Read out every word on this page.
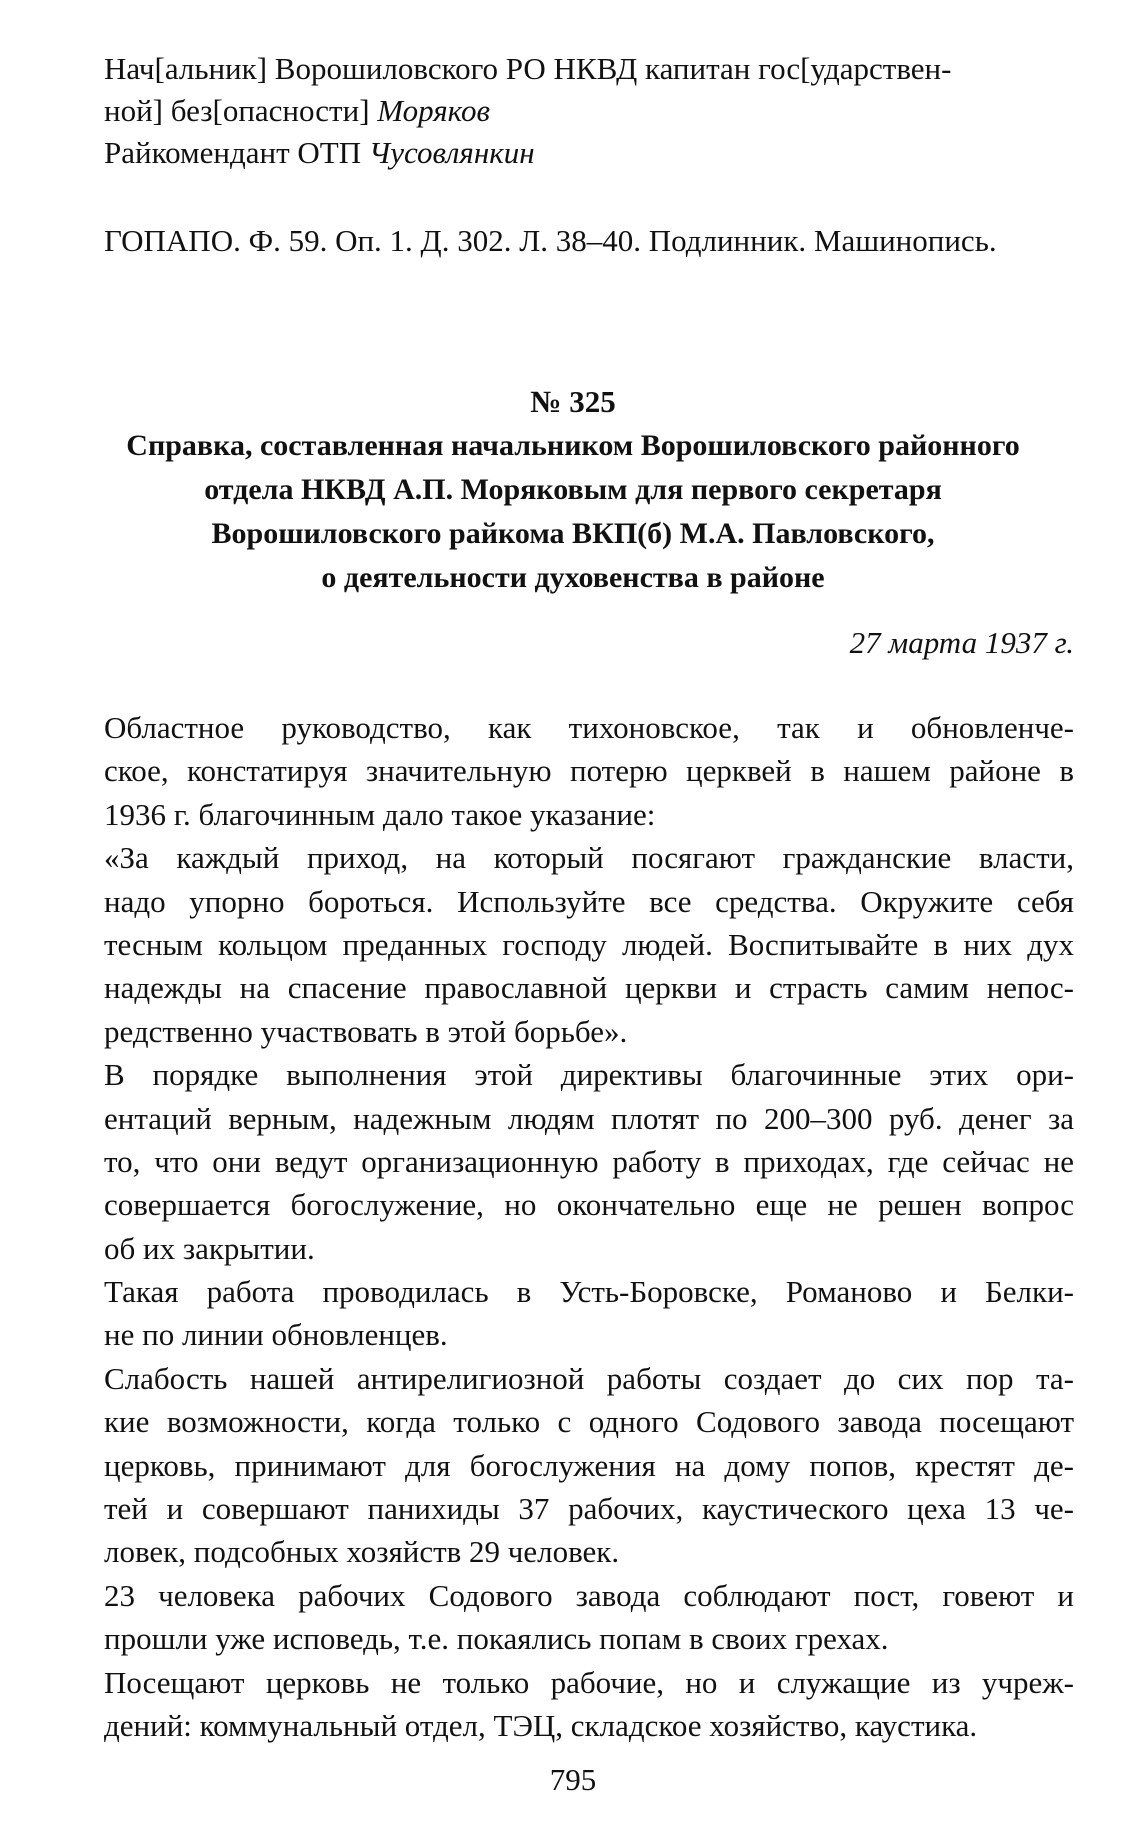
Нач[альник] Ворошиловского РО НКВД капитан гос[ударствен-
ной] без[опасности] Моряков
Райкомендант ОТП Чусовлянкин
ГОПАПО. Ф. 59. Оп. 1. Д. 302. Л. 38–40. Подлинник. Машинопись.
№ 325
Справка, составленная начальником Ворошиловского районного
отдела НКВД А.П. Моряковым для первого секретаря
Ворошиловского райкома ВКП(б) М.А. Павловского,
о деятельности духовенства в районе
27 марта 1937 г.
Областное руководство, как тихоновское, так и обновленче-
ское, констатируя значительную потерю церквей в нашем районе в
1936 г. благочинным дало такое указание:
«За каждый приход, на который посягают гражданские власти,
надо упорно бороться. Используйте все средства. Окружите себя
тесным кольцом преданных господу людей. Воспитывайте в них дух
надежды на спасение православной церкви и страсть самим непос-
редственно участвовать в этой борьбе».
В порядке выполнения этой директивы благочинные этих ори-
ентаций верным, надежным людям плотят по 200–300 руб. денег за
то, что они ведут организационную работу в приходах, где сейчас не
совершается богослужение, но окончательно еще не решен вопрос
об их закрытии.
Такая работа проводилась в Усть-Боровске, Романово и Белки-
не по линии обновленцев.
Слабость нашей антирелигиозной работы создает до сих пор та-
кие возможности, когда только с одного Содового завода посещают
церковь, принимают для богослужения на дому попов, крестят де-
тей и совершают панихиды 37 рабочих, каустического цеха 13 че-
ловек, подсобных хозяйств 29 человек.
23 человека рабочих Содового завода соблюдают пост, говеют и
прошли уже исповедь, т.е. покаялись попам в своих грехах.
Посещают церковь не только рабочие, но и служащие из учреж-
дений: коммунальный отдел, ТЭЦ, складское хозяйство, каустика.
795
